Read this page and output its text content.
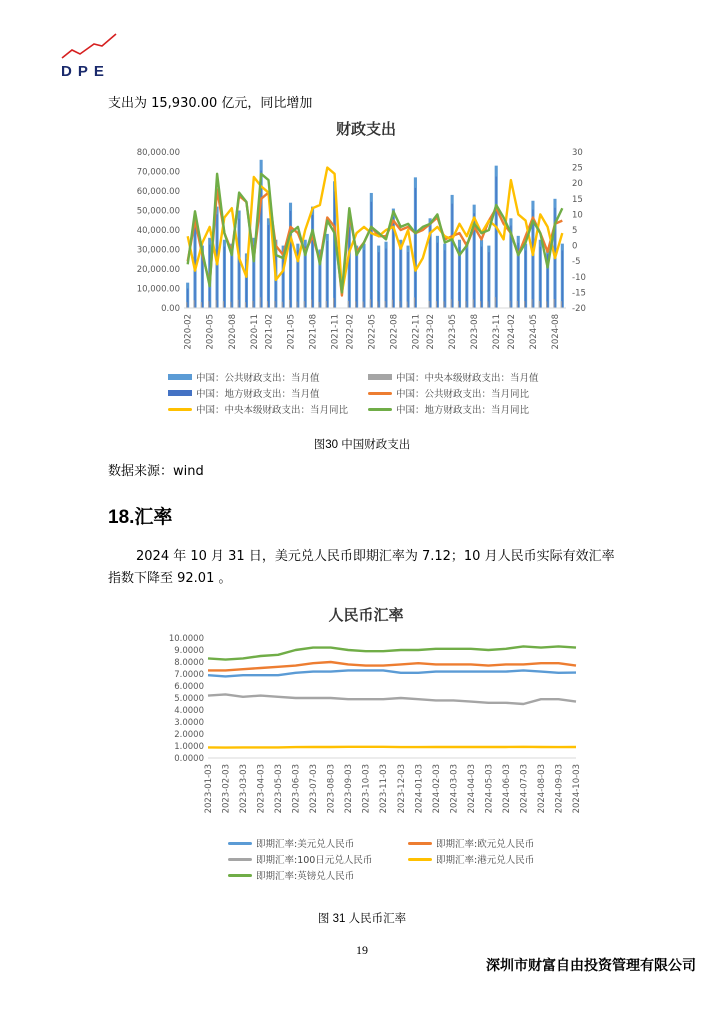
DPE
支出为 15,930.00 亿元，同比增加
财政支出
0.00
10,000.00
20,000.00
30,000.00
40,000.00
50,000.00
60,000.00
70,000.00
80,000.00
-20
-15
-10
-5
0
5
10
15
20
25
30
2020-02 2020-05 2020-08 2020-11 2021-02 2021-05 2021-08 2021-11 2022-02 2022-05 2022-08 2022-11 2023-02 2023-05 2023-08 2023-11 2024-02 2024-05 2024-08
中国：公共财政支出：当月值	中国：中央本级财政支出：当月值
中国：地方财政支出：当月值	中国：公共财政支出：当月同比
中国：中央本级财政支出：当月同比	中国：地方财政支出：当月同比
图30 中国财政支出
数据来源：wind
18.汇率
2024 年 10 月 31 日，美元兑人民币即期汇率为 7.12；10 月人民币实际有效汇率指数下降至 92.01 。
人民币汇率
0.0000
1.0000
2.0000
3.0000
4.0000
5.0000
6.0000
7.0000
8.0000
9.0000
10.0000
2023-01-03 2023-02-03 2023-03-03 2023-04-03 2023-05-03 2023-06-03 2023-07-03 2023-08-03 2023-09-03 2023-10-03 2023-11-03 2023-12-03 2024-01-03 2024-02-03 2024-03-03 2024-04-03 2024-05-03 2024-06-03 2024-07-03 2024-08-03 2024-09-03 2024-10-03
即期汇率:美元兑人民币	即期汇率:欧元兑人民币
即期汇率:100日元兑人民币	即期汇率:港元兑人民币
即期汇率:英镑兑人民币
图 31 人民币汇率
19
深圳市财富自由投资管理有限公司
